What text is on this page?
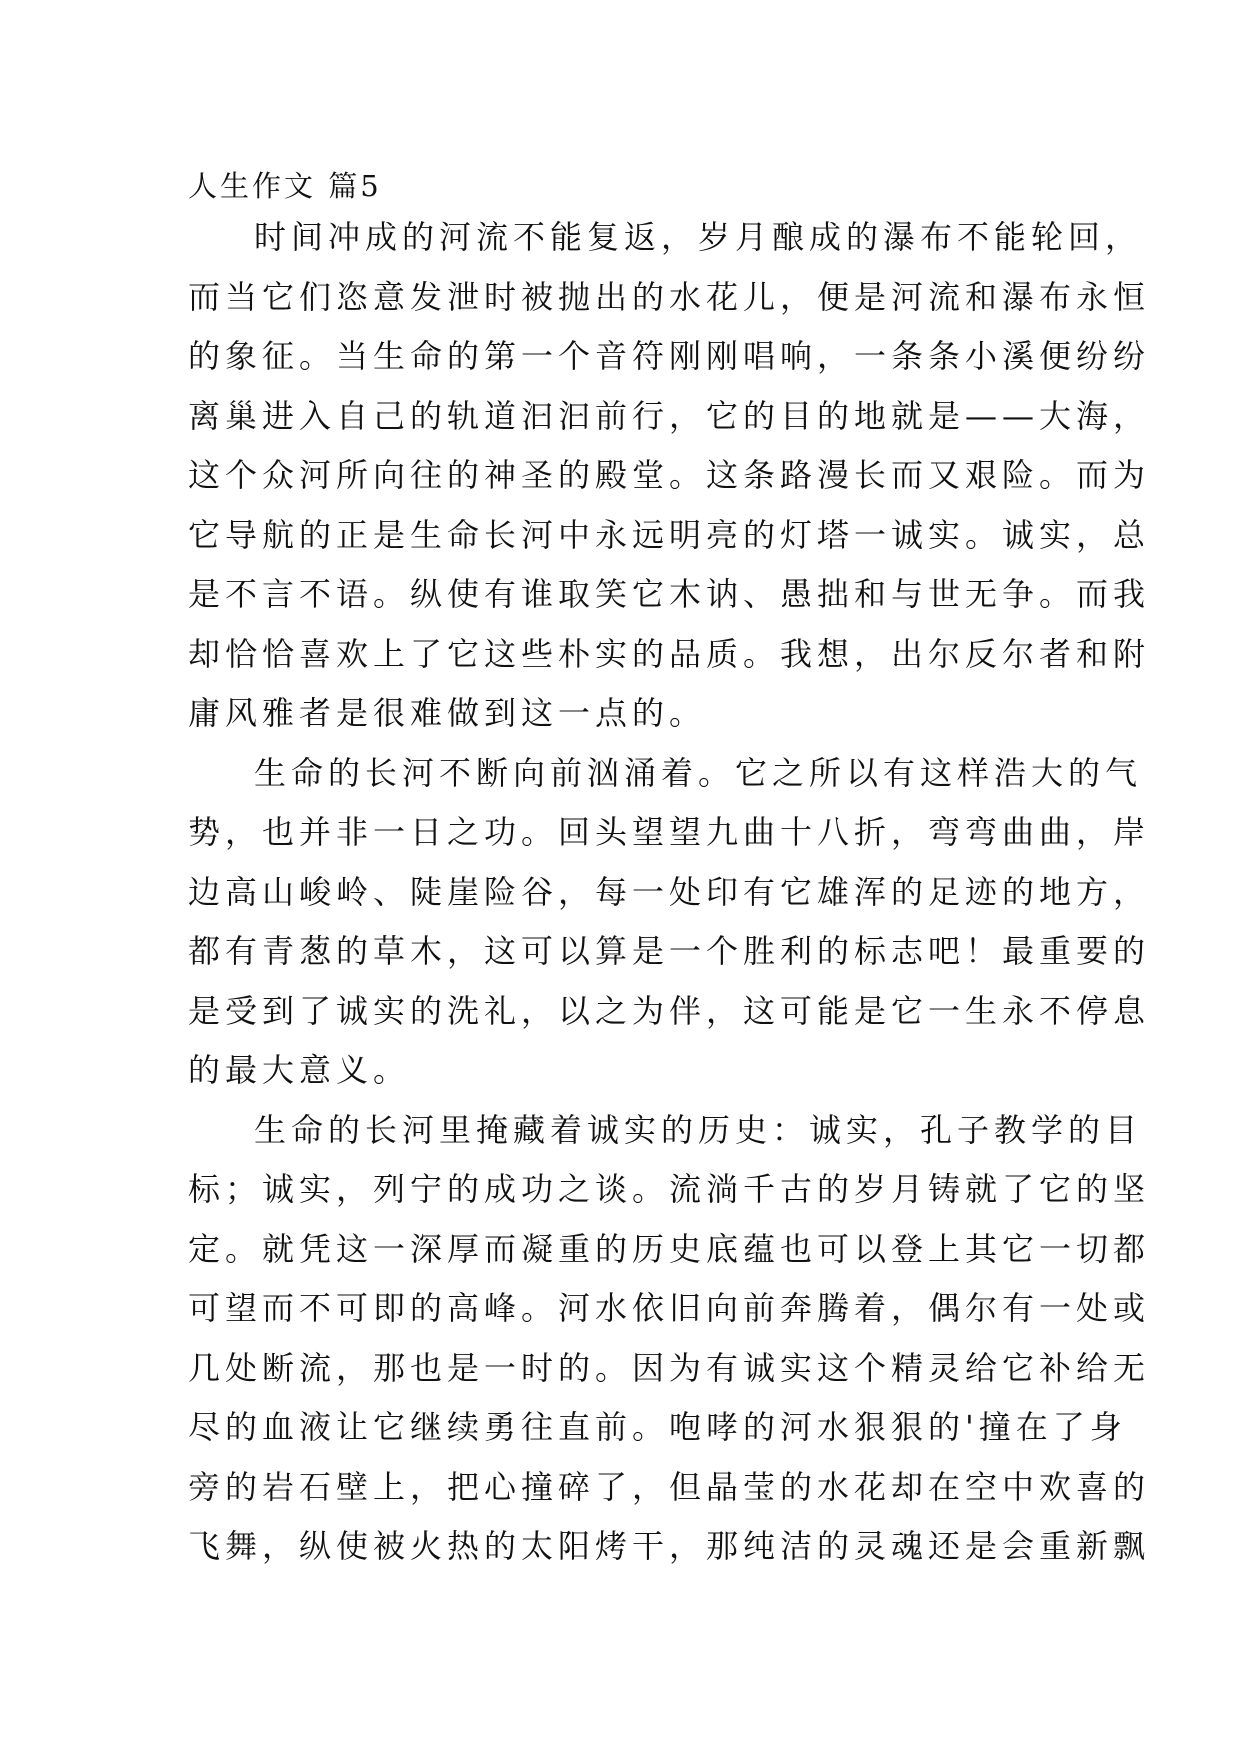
人生作文 篇5
时间冲成的河流不能复返，岁月酿成的瀑布不能轮回，
而当它们恣意发泄时被抛出的水花儿，便是河流和瀑布永恒
的象征。当生命的第一个音符刚刚唱响，一条条小溪便纷纷
离巢进入自己的轨道汩汩前行，它的目的地就是——大海，
这个众河所向往的神圣的殿堂。这条路漫长而又艰险。而为
它导航的正是生命长河中永远明亮的灯塔一诚实。诚实，总
是不言不语。纵使有谁取笑它木讷、愚拙和与世无争。而我
却恰恰喜欢上了它这些朴实的品质。我想，出尔反尔者和附
庸风雅者是很难做到这一点的。
生命的长河不断向前汹涌着。它之所以有这样浩大的气
势，也并非一日之功。回头望望九曲十八折，弯弯曲曲，岸
边高山峻岭、陡崖险谷，每一处印有它雄浑的足迹的地方，
都有青葱的草木，这可以算是一个胜利的标志吧！最重要的
是受到了诚实的洗礼，以之为伴，这可能是它一生永不停息
的最大意义。
生命的长河里掩藏着诚实的历史：诚实，孔子教学的目
标；诚实，列宁的成功之谈。流淌千古的岁月铸就了它的坚
定。就凭这一深厚而凝重的历史底蕴也可以登上其它一切都
可望而不可即的高峰。河水依旧向前奔腾着，偶尔有一处或
几处断流，那也是一时的。因为有诚实这个精灵给它补给无
尽的血液让它继续勇往直前。咆哮的河水狠狠的'撞在了身
旁的岩石壁上，把心撞碎了，但晶莹的水花却在空中欢喜的
飞舞，纵使被火热的太阳烤干，那纯洁的灵魂还是会重新飘
